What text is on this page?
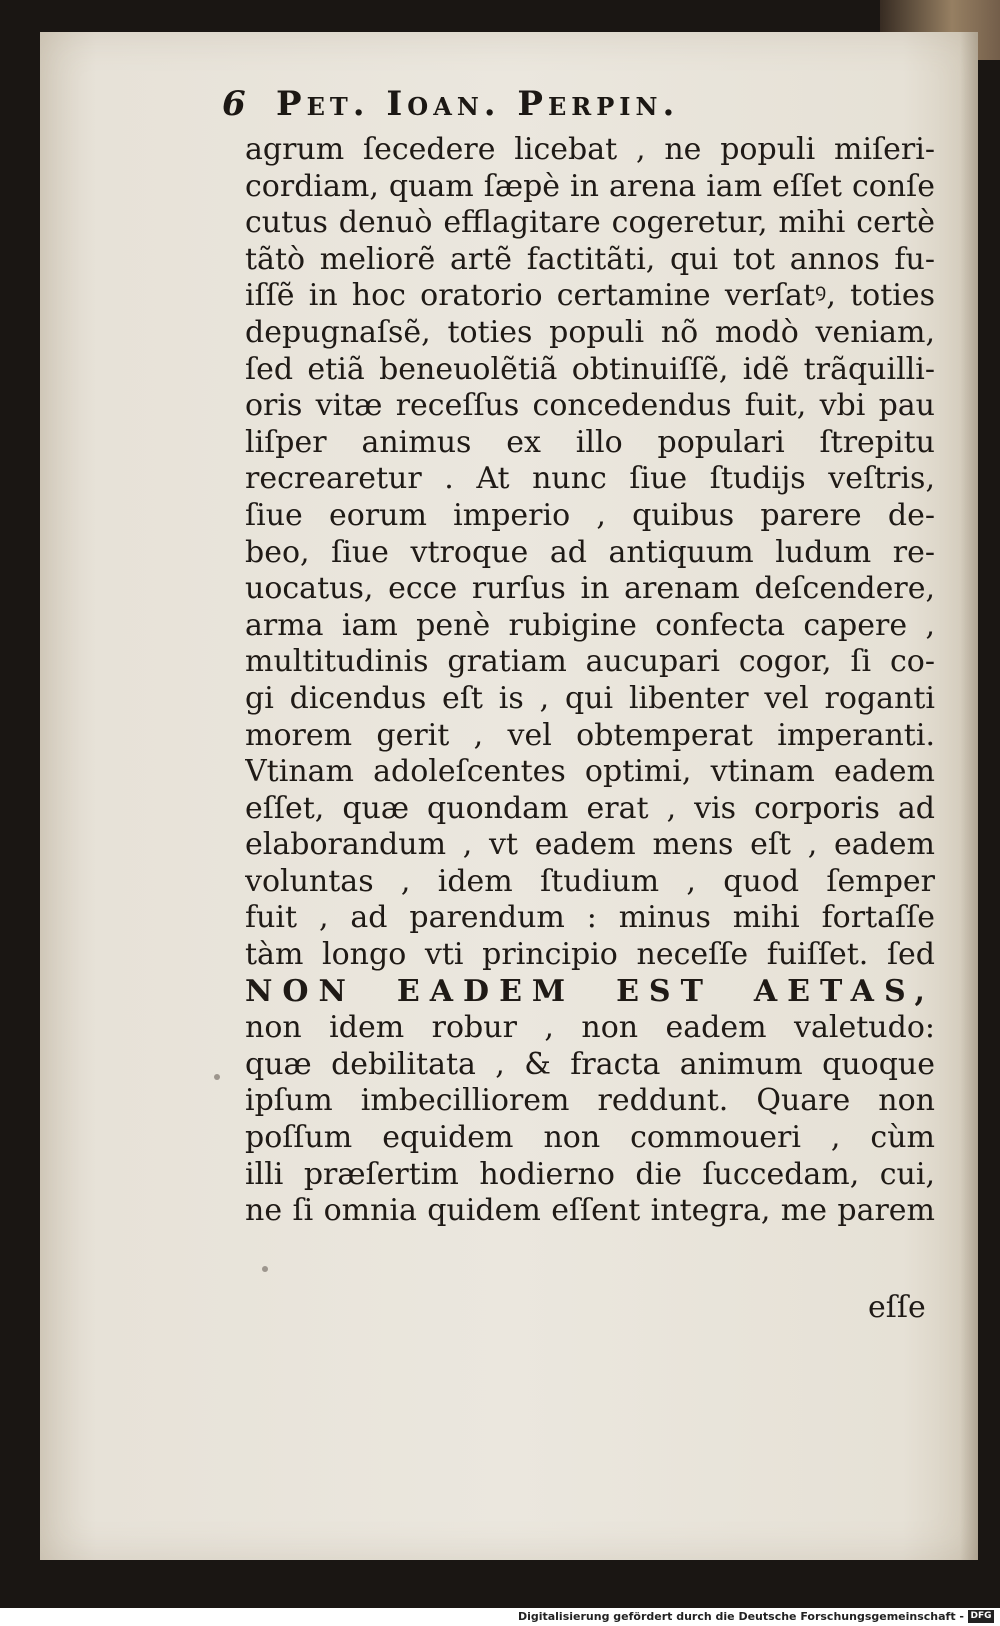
6 Pet. Ioan. Perpin.
agrum ſecedere licebat , ne populi miſeri-
cordiam, quam ſæpè in arena iam eſſet conſe
cutus denuò efflagitare cogeretur, mihi certè
tãtò meliorẽ artẽ factitãti, qui tot annos fu-
iſſẽ in hoc oratorio certamine verſatꝰ, toties
depugnaſsẽ, toties populi nõ modò veniam,
ſed etiã beneuolẽtiã obtinuiſſẽ, idẽ trãquilli-
oris vitæ receſſus concedendus fuit, vbi pau
liſper animus ex illo populari ſtrepitu
recrearetur . At nunc ſiue ſtudijs veſtris,
ſiue eorum imperio , quibus parere de-
beo, ſiue vtroque ad antiquum ludum re-
uocatus, ecce rurſus in arenam deſcendere,
arma iam penè rubigine confecta capere ,
multitudinis gratiam aucupari cogor, ſi co-
gi dicendus eſt is , qui libenter vel roganti
morem gerit , vel obtemperat imperanti.
Vtinam adoleſcentes optimi, vtinam eadem
eſſet, quæ quondam erat , vis corporis ad
elaborandum , vt eadem mens eſt , eadem
voluntas , idem ſtudium , quod ſemper
fuit , ad parendum : minus mihi fortaſſe
tàm longo vti principio neceſſe fuiſſet. ſed
NON EADEM EST AETAS,
non idem robur , non eadem valetudo:
quæ debilitata , & fracta animum quoque
ipſum imbecilliorem reddunt. Quare non
poſſum equidem non commoueri , cùm
illi præſertim hodierno die ſuccedam, cui,
ne ſi omnia quidem eſſent integra, me parem
eſſe
Digitalisierung gefördert durch die Deutsche Forschungsgemeinschaft - DFG
